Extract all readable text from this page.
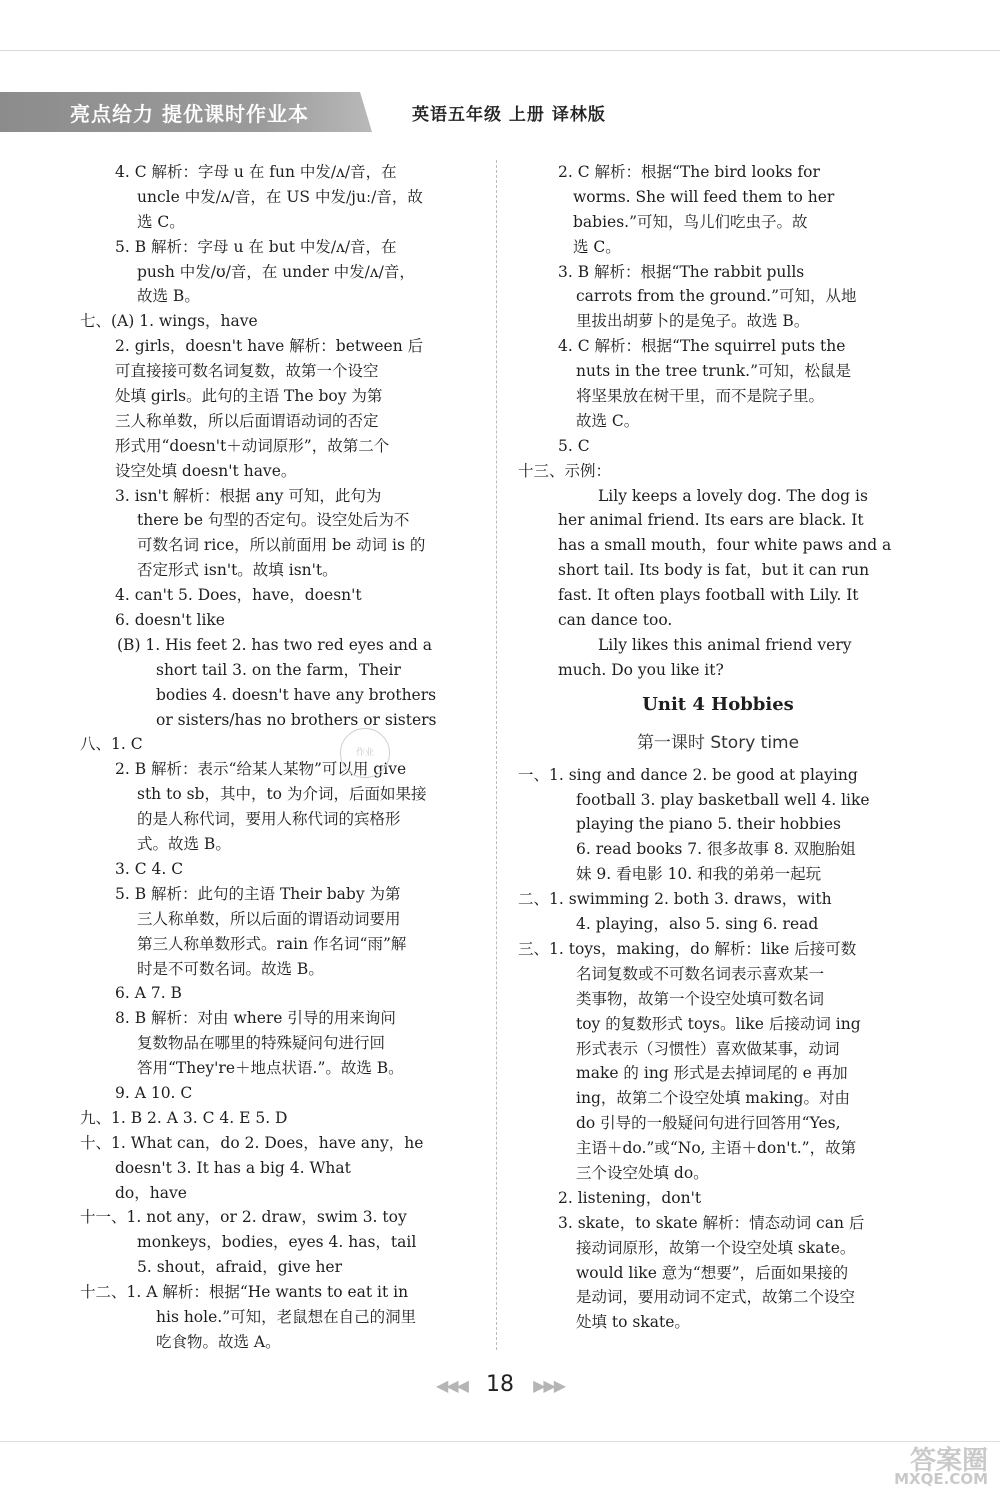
亮点给力 提优课时作业本	英语五年级 上册 译林版
4. C 解析：字母 u 在 fun 中发/ʌ/音，在
uncle 中发/ʌ/音，在 US 中发/juː/音，故
选 C。
5. B 解析：字母 u 在 but 中发/ʌ/音，在
push 中发/ʊ/音，在 under 中发/ʌ/音，
故选 B。
七、(A) 1. wings，have
2. girls，doesn't have 解析：between 后
可直接接可数名词复数，故第一个设空
处填 girls。此句的主语 The boy 为第
三人称单数，所以后面谓语动词的否定
形式用“doesn't＋动词原形”，故第二个
设空处填 doesn't have。
3. isn't 解析：根据 any 可知，此句为
there be 句型的否定句。设空处后为不
可数名词 rice，所以前面用 be 动词 is 的
否定形式 isn't。故填 isn't。
4. can't 5. Does，have，doesn't
6. doesn't like
(B) 1. His feet 2. has two red eyes and a
short tail 3. on the farm，Their
bodies 4. doesn't have any brothers
or sisters/has no brothers or sisters
八、1. C
2. B 解析：表示“给某人某物”可以用 give
sth to sb，其中，to 为介词，后面如果接
的是人称代词，要用人称代词的宾格形
式。故选 B。
3. C 4. C
5. B 解析：此句的主语 Their baby 为第
三人称单数，所以后面的谓语动词要用
第三人称单数形式。rain 作名词“雨”解
时是不可数名词。故选 B。
6. A 7. B
8. B 解析：对由 where 引导的用来询问
复数物品在哪里的特殊疑问句进行回
答用“They're＋地点状语.”。故选 B。
9. A 10. C
九、1. B 2. A 3. C 4. E 5. D
十、1. What can，do 2. Does，have any，he
doesn't 3. It has a big 4. What
do，have
十一、1. not any，or 2. draw，swim 3. toy
monkeys，bodies，eyes 4. has，tail
5. shout，afraid，give her
十二、1. A 解析：根据“He wants to eat it in
his hole.”可知，老鼠想在自己的洞里
吃食物。故选 A。
2. C 解析：根据“The bird looks for
worms. She will feed them to her
babies.”可知，鸟儿们吃虫子。故
选 C。
3. B 解析：根据“The rabbit pulls
carrots from the ground.”可知，从地
里拔出胡萝卜的是兔子。故选 B。
4. C 解析：根据“The squirrel puts the
nuts in the tree trunk.”可知，松鼠是
将坚果放在树干里，而不是院子里。
故选 C。
5. C
十三、示例：
Lily keeps a lovely dog. The dog is
her animal friend. Its ears are black. It
has a small mouth，four white paws and a
short tail. Its body is fat，but it can run
fast. It often plays football with Lily. It
can dance too.
Lily likes this animal friend very
much. Do you like it?
Unit 4 Hobbies
第一课时 Story time
一、1. sing and dance 2. be good at playing
football 3. play basketball well 4. like
playing the piano 5. their hobbies
6. read books 7. 很多故事 8. 双胞胎姐
妹 9. 看电影 10. 和我的弟弟一起玩
二、1. swimming 2. both 3. draws，with
4. playing，also 5. sing 6. read
三、1. toys，making，do 解析：like 后接可数
名词复数或不可数名词表示喜欢某一
类事物，故第一个设空处填可数名词
toy 的复数形式 toys。like 后接动词 ing
形式表示（习惯性）喜欢做某事，动词
make 的 ing 形式是去掉词尾的 e 再加
ing，故第二个设空处填 making。对由
do 引导的一般疑问句进行回答用“Yes,
主语＋do.”或“No, 主语＋don't.”，故第
三个设空处填 do。
2. listening，don't
3. skate，to skate 解析：情态动词 can 后
接动词原形，故第一个设空处填 skate。
would like 意为“想要”，后面如果接的
是动词，要用动词不定式，故第二个设空
处填 to skate。
作业
◀◀◀ 18 ▶▶▶
答案圈
MXQE.COM
